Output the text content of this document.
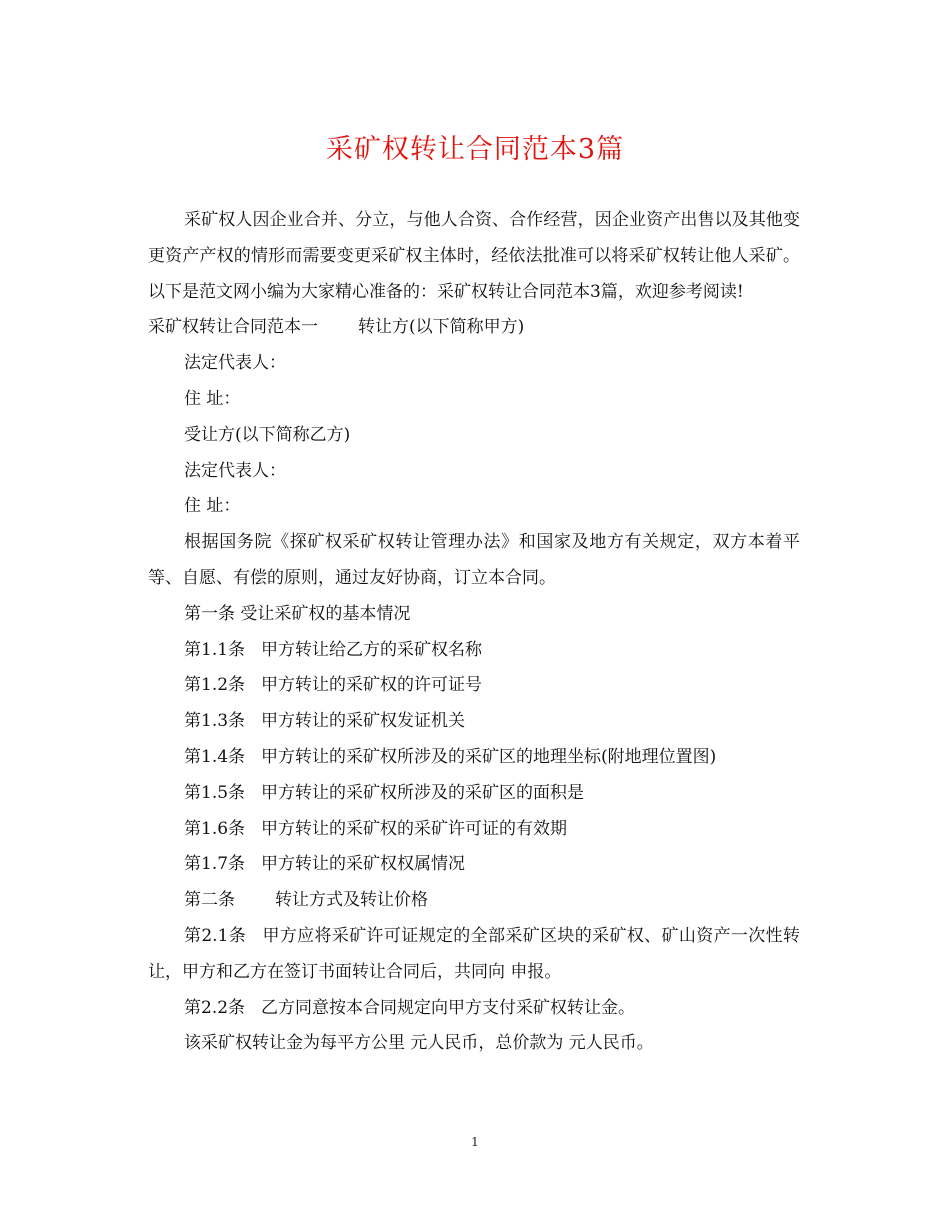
采矿权转让合同范本3篇

采矿权人因企业合并、分立，与他人合资、合作经营，因企业资产出售以及其他变更资产产权的情形而需要变更采矿权主体时，经依法批准可以将采矿权转让他人采矿。以下是范文网小编为大家精心准备的：采矿权转让合同范本3篇，欢迎参考阅读!

采矿权转让合同范本一 转让方(以下简称甲方)

法定代表人：

住 址：

受让方(以下简称乙方)

法定代表人：

住 址：

根据国务院《探矿权采矿权转让管理办法》和国家及地方有关规定，双方本着平等、自愿、有偿的原则，通过友好协商，订立本合同。

第一条 受让采矿权的基本情况

第1.1条 甲方转让给乙方的采矿权名称

第1.2条 甲方转让的采矿权的许可证号

第1.3条 甲方转让的采矿权发证机关

第1.4条 甲方转让的采矿权所涉及的采矿区的地理坐标(附地理位置图)

第1.5条 甲方转让的采矿权所涉及的采矿区的面积是

第1.6条 甲方转让的采矿权的采矿许可证的有效期

第1.7条 甲方转让的采矿权权属情况

第二条 转让方式及转让价格

第2.1条 甲方应将采矿许可证规定的全部采矿区块的采矿权、矿山资产一次性转让，甲方和乙方在签订书面转让合同后，共同向 申报。

第2.2条 乙方同意按本合同规定向甲方支付采矿权转让金。

该采矿权转让金为每平方公里 元人民币，总价款为 元人民币。

1
